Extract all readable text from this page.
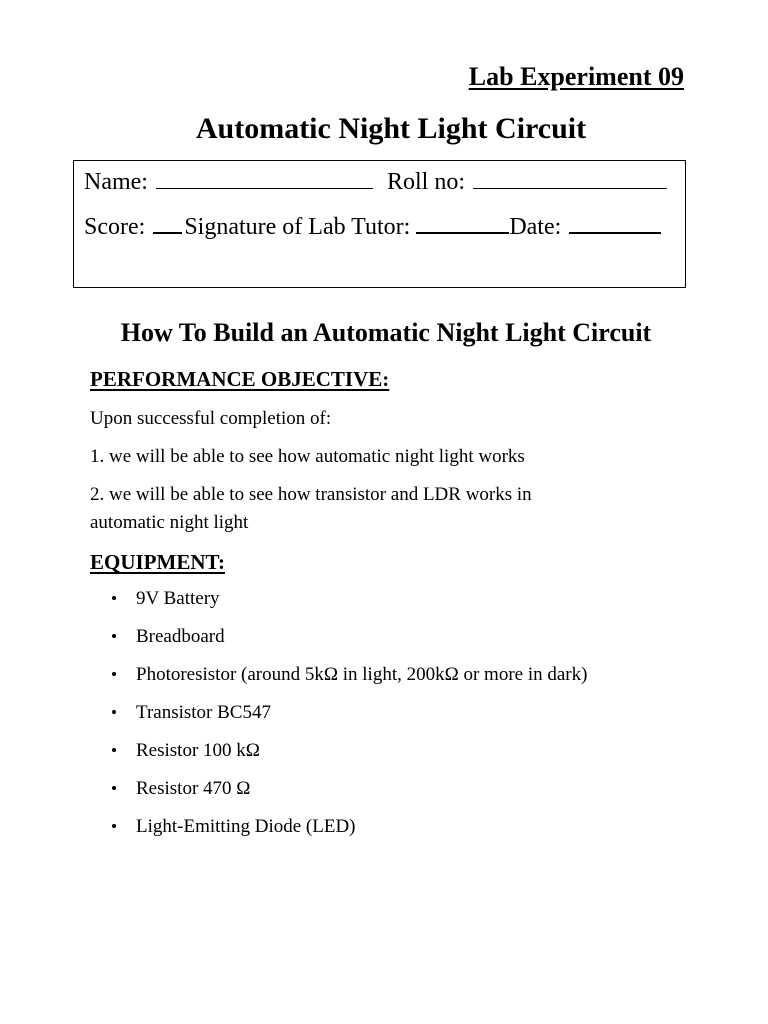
Lab Experiment 09
Automatic Night Light Circuit
Name:	Roll no:
Score: Signature of Lab Tutor:	Date:
How To Build an Automatic Night Light Circuit
PERFORMANCE OBJECTIVE:

Upon successful completion of:

1. we will be able to see how automatic night light works

2. we will be able to see how transistor and LDR works in automatic night light

EQUIPMENT:
9V Battery
Breadboard
Photoresistor (around 5kΩ in light, 200kΩ or more in dark)
Transistor BC547
Resistor 100 kΩ
Resistor 470 Ω
Light-Emitting Diode (LED)
